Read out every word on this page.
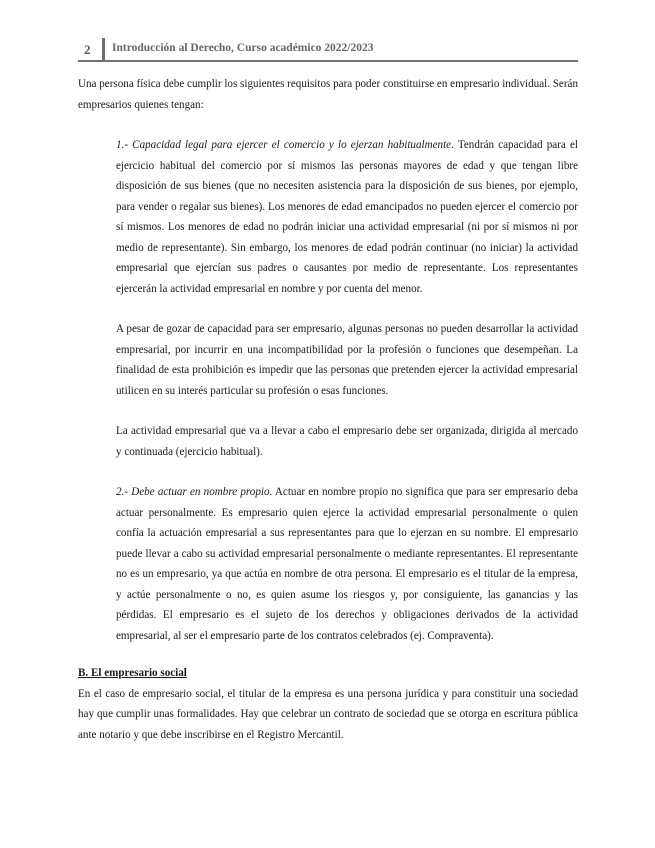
2 Introducción al Derecho, Curso académico 2022/2023

Una persona física debe cumplir los siguientes requisitos para poder constituirse en empresario individual. Serán empresarios quienes tengan:

1.- Capacidad legal para ejercer el comercio y lo ejerzan habitualmente. Tendrán capacidad para el ejercicio habitual del comercio por sí mismos las personas mayores de edad y que tengan libre disposición de sus bienes (que no necesiten asistencia para la disposición de sus bienes, por ejemplo, para vender o regalar sus bienes). Los menores de edad emancipados no pueden ejercer el comercio por sí mismos. Los menores de edad no podrán iniciar una actividad empresarial (ni por sí mismos ni por medio de representante). Sin embargo, los menores de edad podrán continuar (no iniciar) la actividad empresarial que ejercían sus padres o causantes por medio de representante. Los representantes ejercerán la actividad empresarial en nombre y por cuenta del menor.

A pesar de gozar de capacidad para ser empresario, algunas personas no pueden desarrollar la actividad empresarial, por incurrir en una incompatibilidad por la profesión o funciones que desempeñan. La finalidad de esta prohibición es impedir que las personas que pretenden ejercer la actividad empresarial utilicen en su interés particular su profesión o esas funciones.

La actividad empresarial que va a llevar a cabo el empresario debe ser organizada, dirigida al mercado y continuada (ejercicio habitual).

2.- Debe actuar en nombre propio. Actuar en nombre propio no significa que para ser empresario deba actuar personalmente. Es empresario quien ejerce la actividad empresarial personalmente o quien confía la actuación empresarial a sus representantes para que lo ejerzan en su nombre. El empresario puede llevar a cabo su actividad empresarial personalmente o mediante representantes. El representante no es un empresario, ya que actúa en nombre de otra persona. El empresario es el titular de la empresa, y actúe personalmente o no, es quien asume los riesgos y, por consiguiente, las ganancias y las pérdidas. El empresario es el sujeto de los derechos y obligaciones derivados de la actividad empresarial, al ser el empresario parte de los contratos celebrados (ej. Compraventa).

B. El empresario social

En el caso de empresario social, el titular de la empresa es una persona jurídica y para constituir una sociedad hay que cumplir unas formalidades. Hay que celebrar un contrato de sociedad que se otorga en escritura pública ante notario y que debe inscribirse en el Registro Mercantil.
